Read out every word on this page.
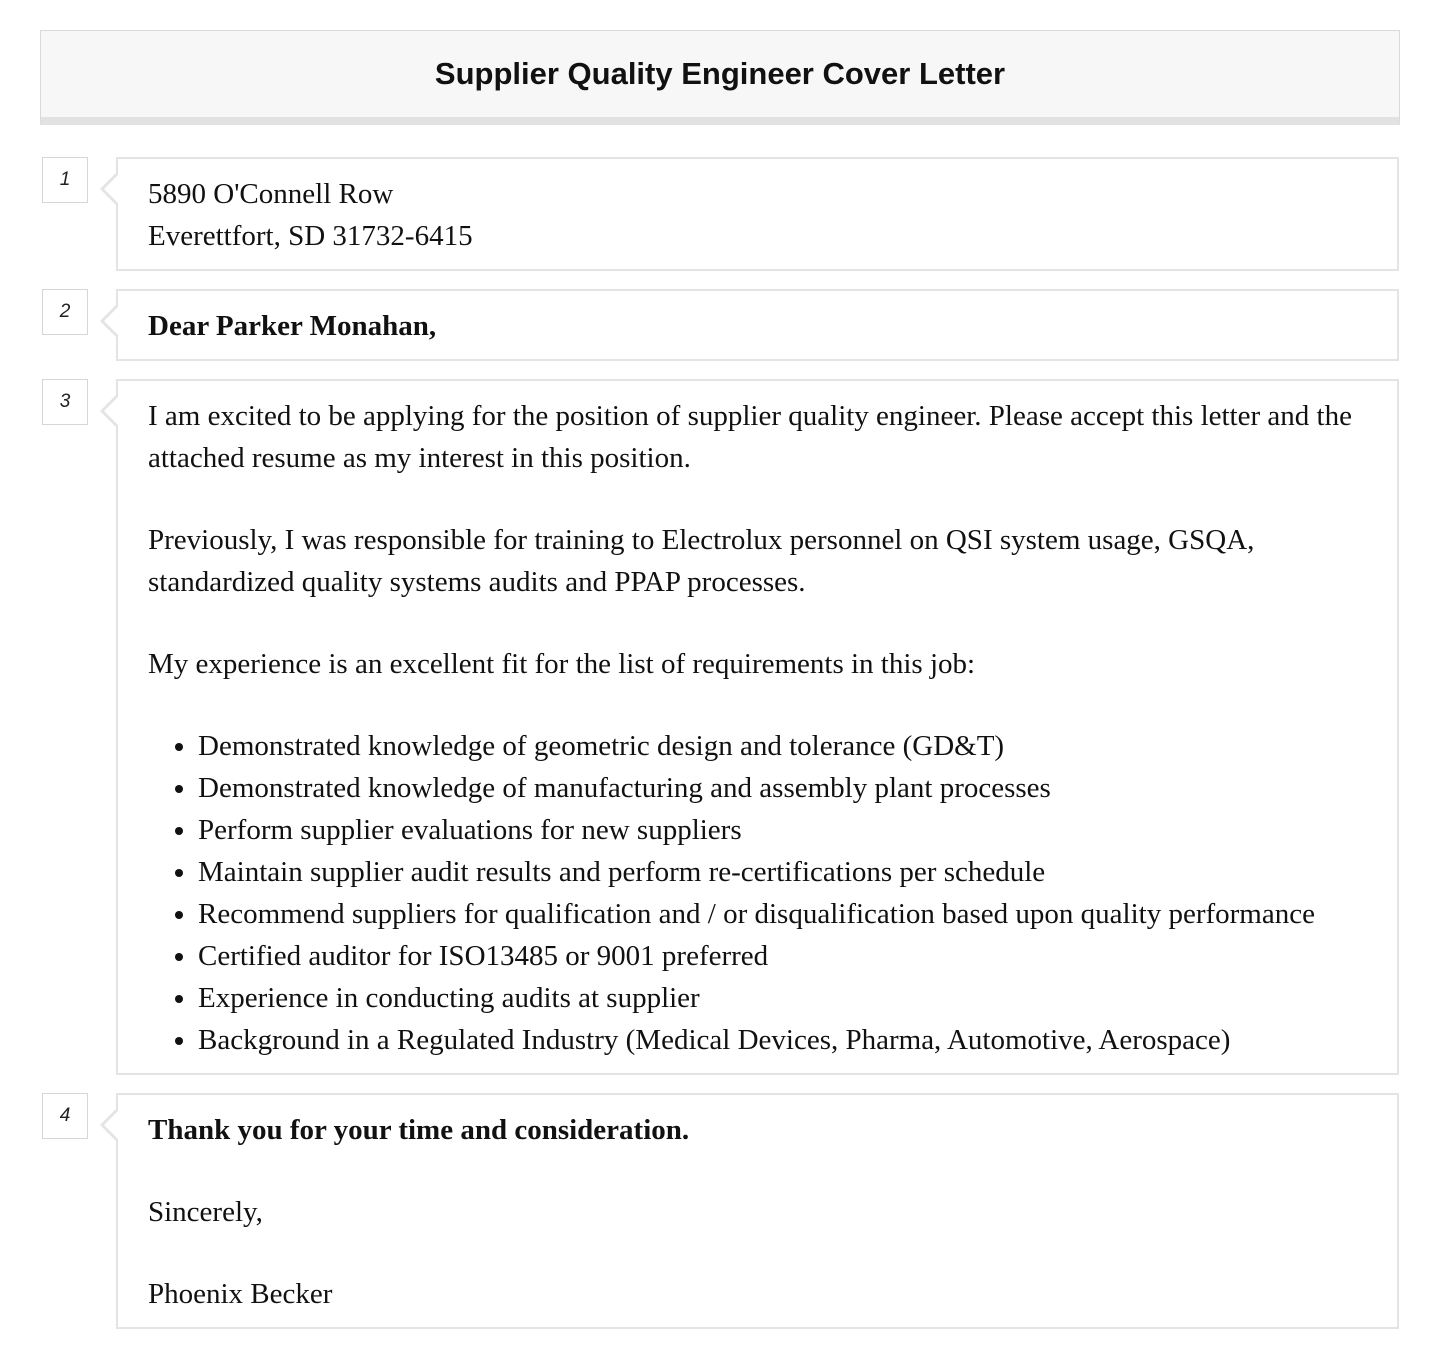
Supplier Quality Engineer Cover Letter
1	5890 O'Connell Row

Everettfort, SD 31732-6415

2	Dear Parker Monahan,

3	I am excited to be applying for the position of supplier quality engineer. Please accept this letter and the attached resume as my interest in this position.

Previously, I was responsible for training to Electrolux personnel on QSI system usage, GSQA, standardized quality systems audits and PPAP processes.

My experience is an excellent fit for the list of requirements in this job:

• Demonstrated knowledge of geometric design and tolerance (GD&T)
• Demonstrated knowledge of manufacturing and assembly plant processes
• Perform supplier evaluations for new suppliers
• Maintain supplier audit results and perform re-certifications per schedule
• Recommend suppliers for qualification and / or disqualification based upon quality performance
• Certified auditor for ISO13485 or 9001 preferred
• Experience in conducting audits at supplier
• Background in a Regulated Industry (Medical Devices, Pharma, Automotive, Aerospace)
4	Thank you for your time and consideration.

Sincerely,

Phoenix Becker
